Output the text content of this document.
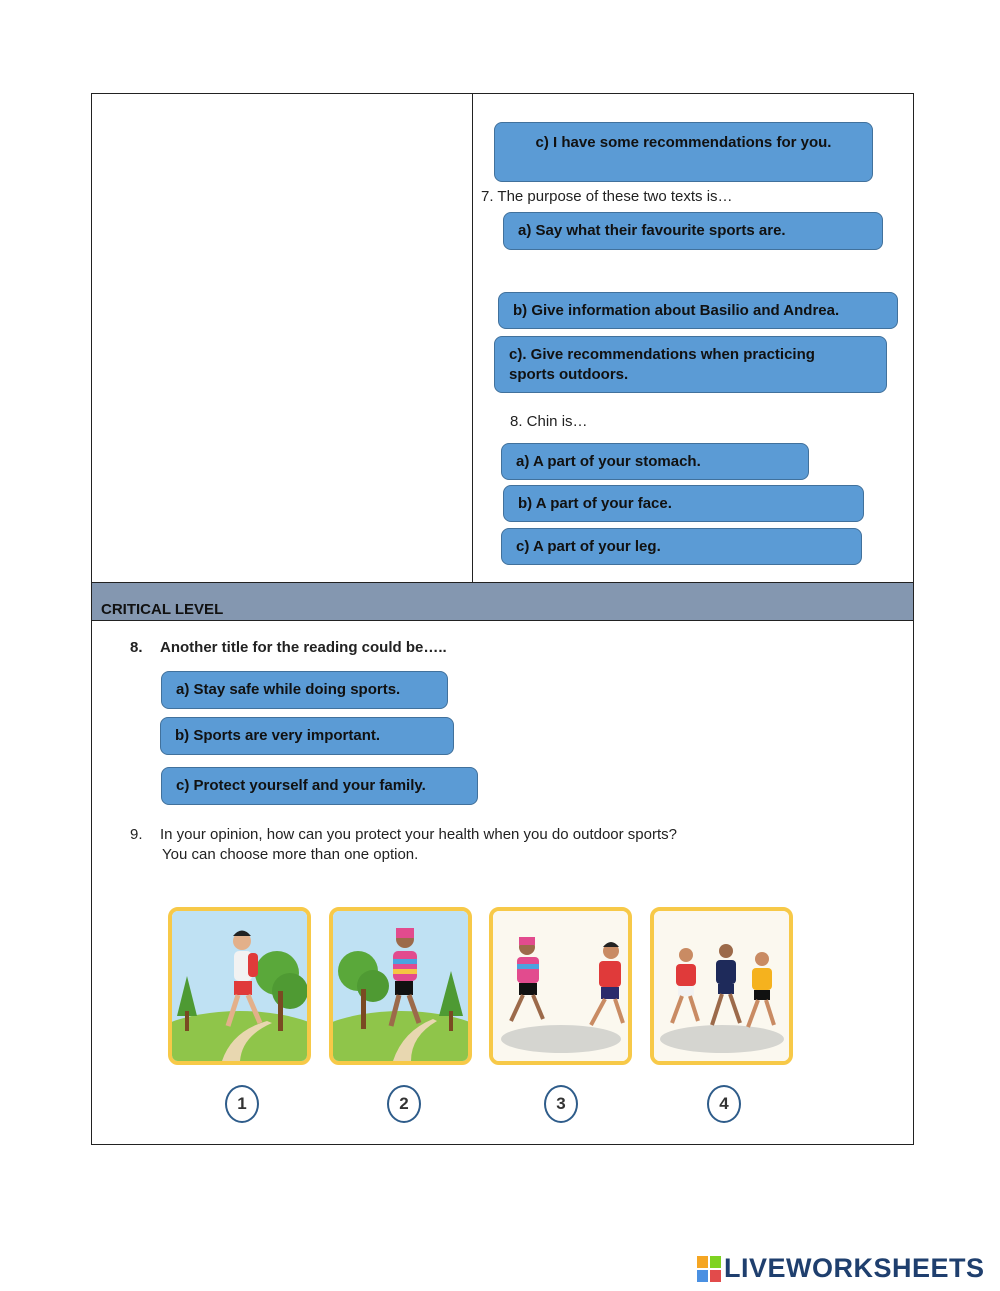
CRITICAL LEVEL
c) I have some recommendations for you.
7. The purpose of these two texts is…
a) Say what their favourite sports are.
b) Give information about Basilio and Andrea.
c). Give recommendations when practicing sports outdoors.
8. Chin is…
a) A part of your stomach.
b) A part of your face.
c) A part of your leg.
8. Another title for the reading could be…..
a) Stay safe while doing sports.
b) Sports are very important.
c) Protect yourself and your family.
9. In your opinion, how can you protect your health when you do outdoor sports?
You can choose more than one option.
1	2	3	4
LIVEWORKSHEETS
